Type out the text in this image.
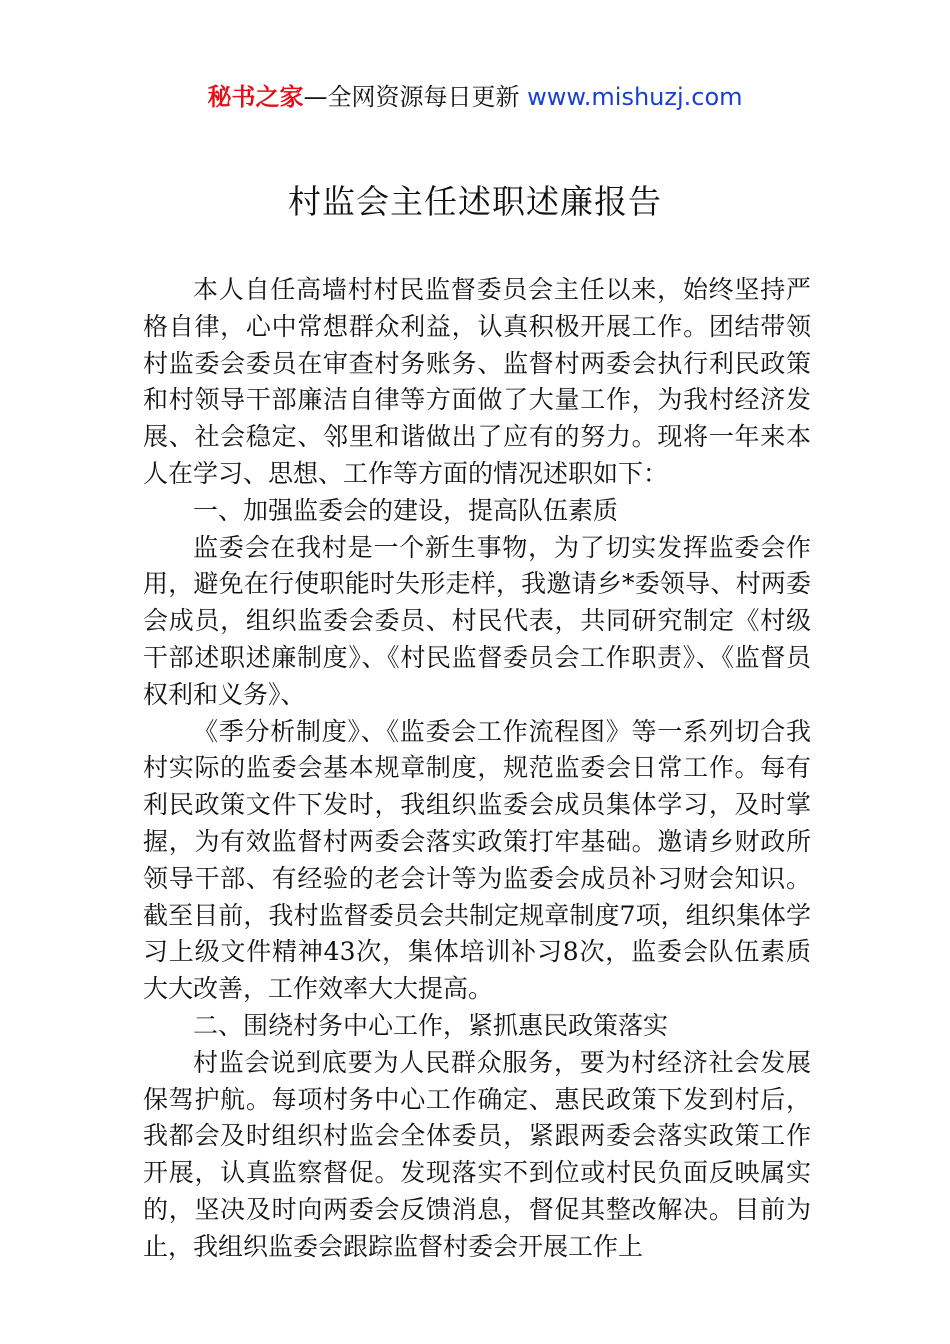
秘书之家—全网资源每日更新 www.mishuzj.com
村监会主任述职述廉报告

本人自任高墙村村民监督委员会主任以来，始终坚持严格自律，心中常想群众利益，认真积极开展工作。团结带领村监委会委员在审查村务账务、监督村两委会执行利民政策和村领导干部廉洁自律等方面做了大量工作，为我村经济发展、社会稳定、邻里和谐做出了应有的努力。现将一年来本人在学习、思想、工作等方面的情况述职如下：

一、加强监委会的建设，提高队伍素质

监委会在我村是一个新生事物，为了切实发挥监委会作用，避免在行使职能时失形走样，我邀请乡*委领导、村两委会成员，组织监委会委员、村民代表，共同研究制定《村级干部述职述廉制度》、《村民监督委员会工作职责》、《监督员权利和义务》、

《季分析制度》、《监委会工作流程图》等一系列切合我村实际的监委会基本规章制度，规范监委会日常工作。每有利民政策文件下发时，我组织监委会成员集体学习，及时掌握，为有效监督村两委会落实政策打牢基础。邀请乡财政所领导干部、有经验的老会计等为监委会成员补习财会知识。截至目前，我村监督委员会共制定规章制度7项，组织集体学习上级文件精神43次，集体培训补习8次，监委会队伍素质大大改善，工作效率大大提高。

二、围绕村务中心工作，紧抓惠民政策落实

村监会说到底要为人民群众服务，要为村经济社会发展保驾护航。每项村务中心工作确定、惠民政策下发到村后，我都会及时组织村监会全体委员，紧跟两委会落实政策工作开展，认真监察督促。发现落实不到位或村民负面反映属实的，坚决及时向两委会反馈消息，督促其整改解决。目前为止，我组织监委会跟踪监督村委会开展工作上
